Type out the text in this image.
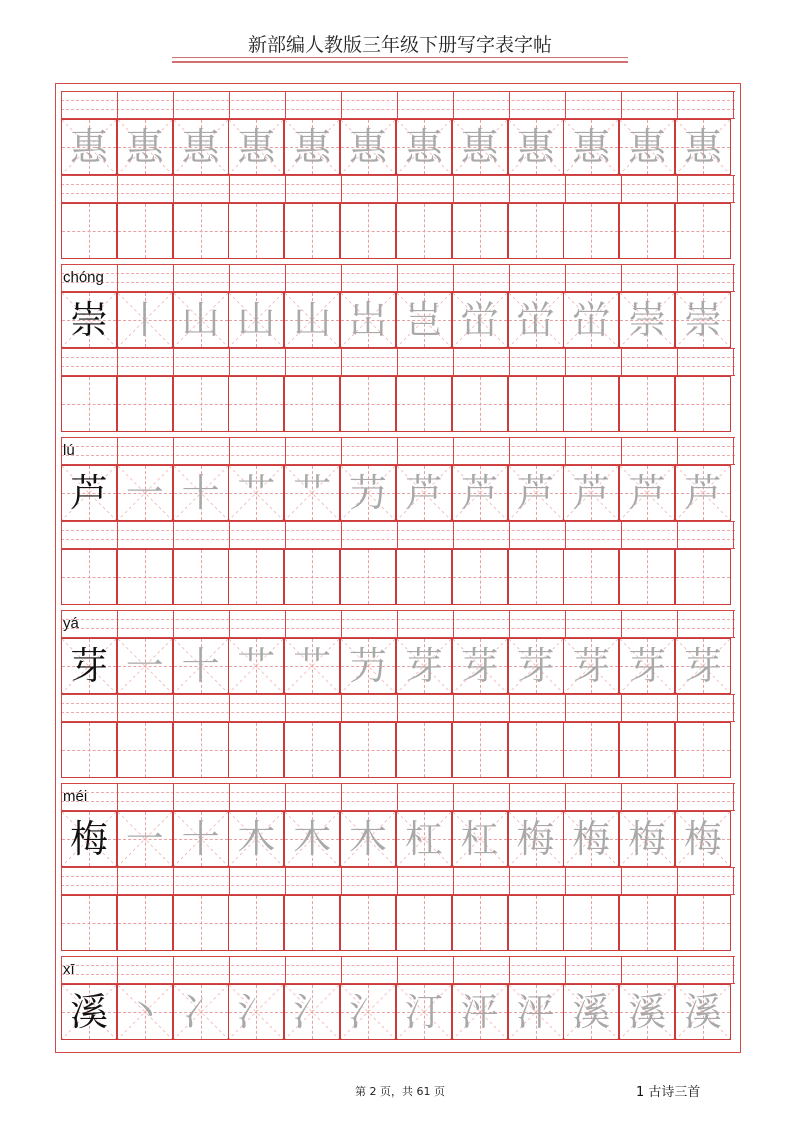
新部编人教版三年级下册写字表字帖
惠 惠 惠 惠 惠 惠 惠 惠 惠 惠 惠 惠
chóng
崇 丨 山 山 山 岀 岂 峃 峃 峃 崇 崇
lú
芦 一 十 艹 艹 芀 芦 芦 芦 芦 芦 芦
yá
芽 一 十 艹 艹 芀 芽 芽 芽 芽 芽 芽
méi
梅 一 十 木 木 木 杠 杠 梅 梅 梅 梅
xī
溪 丶 冫 氵 氵 氵 汀 泙 泙 溪 溪 溪
第 2 页，共 61 页	1 古诗三首
